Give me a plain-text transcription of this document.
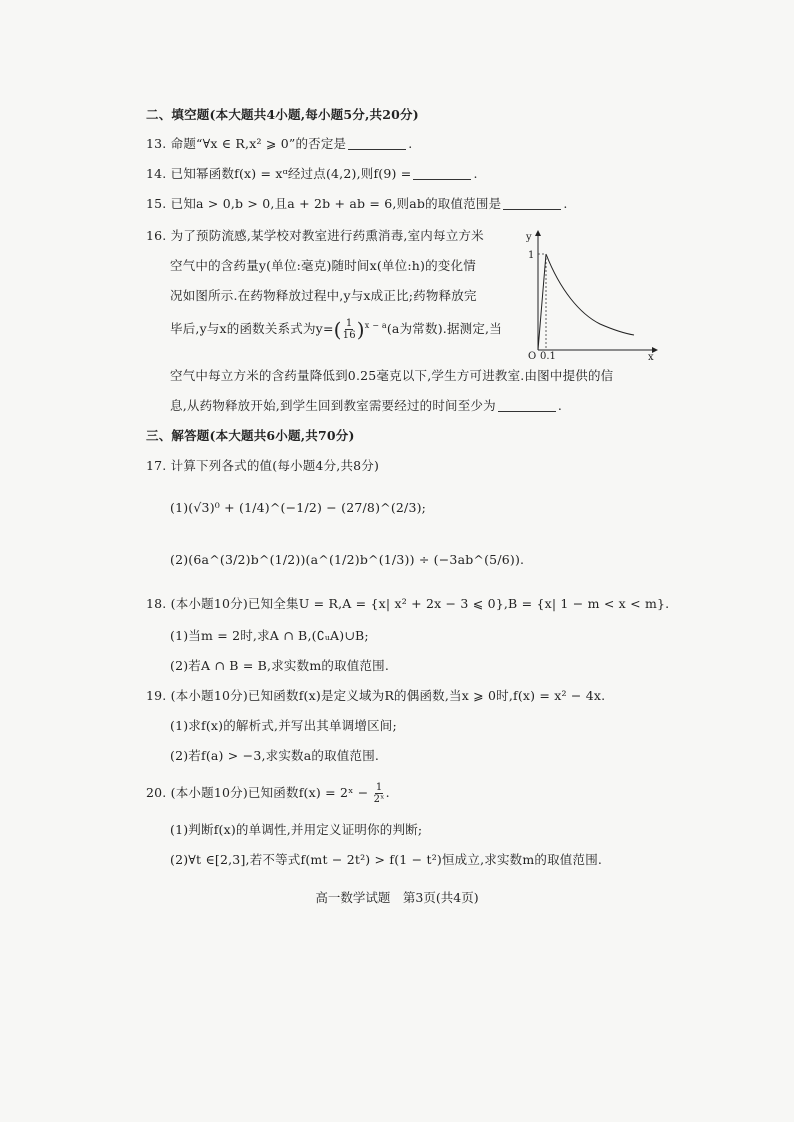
二、填空题(本大题共4小题,每小题5分,共20分)
13. 命题“∀x ∈ R,x² ⩾ 0”的否定是	.
14. 已知幂函数f(x) = xᵅ经过点(4,2),则f(9) =	.
15. 已知a > 0,b > 0,且a + 2b + ab = 6,则ab的取值范围是	.
16. 为了预防流感,某学校对教室进行药熏消毒,室内每立方米
空气中的含药量y(单位:毫克)随时间x(单位:h)的变化情
况如图所示.在药物释放过程中,y与x成正比;药物释放完
毕后,y与x的函数关系式为$y=( \frac{1}{16} )^{x - a}(a$为常数).据测定,当
空气中每立方米的含药量降低到0.25毫克以下,学生方可进教室.由图中提供的信
息,从药物释放开始,到学生回到教室需要经过的时间至少为	.
y
x
O
1
0.1
三、解答题(本大题共6小题,共70分)
17. 计算下列各式的值(每小题4分,共8分)
(1)(√3)⁰ + (1/4)^(−1/2) − (27/8)^(2/3);
(2)(6a^(3/2)b^(1/2))(a^(1/2)b^(1/3)) ÷ (−3ab^(5/6)).
18. (本小题10分)已知全集U = R,A = {x| x² + 2x − 3 ⩽ 0},B = {x| 1 − m < x < m}.
(1)当m = 2时,求A ∩ B,(∁ᵤA)∪B;
(2)若A ∩ B = B,求实数m的取值范围.
19. (本小题10分)已知函数f(x)是定义域为R的偶函数,当x ⩾ 0时,f(x) = x² − 4x.
(1)求f(x)的解析式,并写出其单调增区间;
(2)若f(a) > −3,求实数a的取值范围.
20. (本小题10分)已知函数f(x) = 2ˣ − $\frac{1}{\text{2ˣ}}$ .
(1)判断f(x)的单调性,并用定义证明你的判断;
(2)∀t ∈[2,3],若不等式f(mt − 2t²) > f(1 − t²)恒成立,求实数m的取值范围.
高一数学试题　第3页(共4页)
